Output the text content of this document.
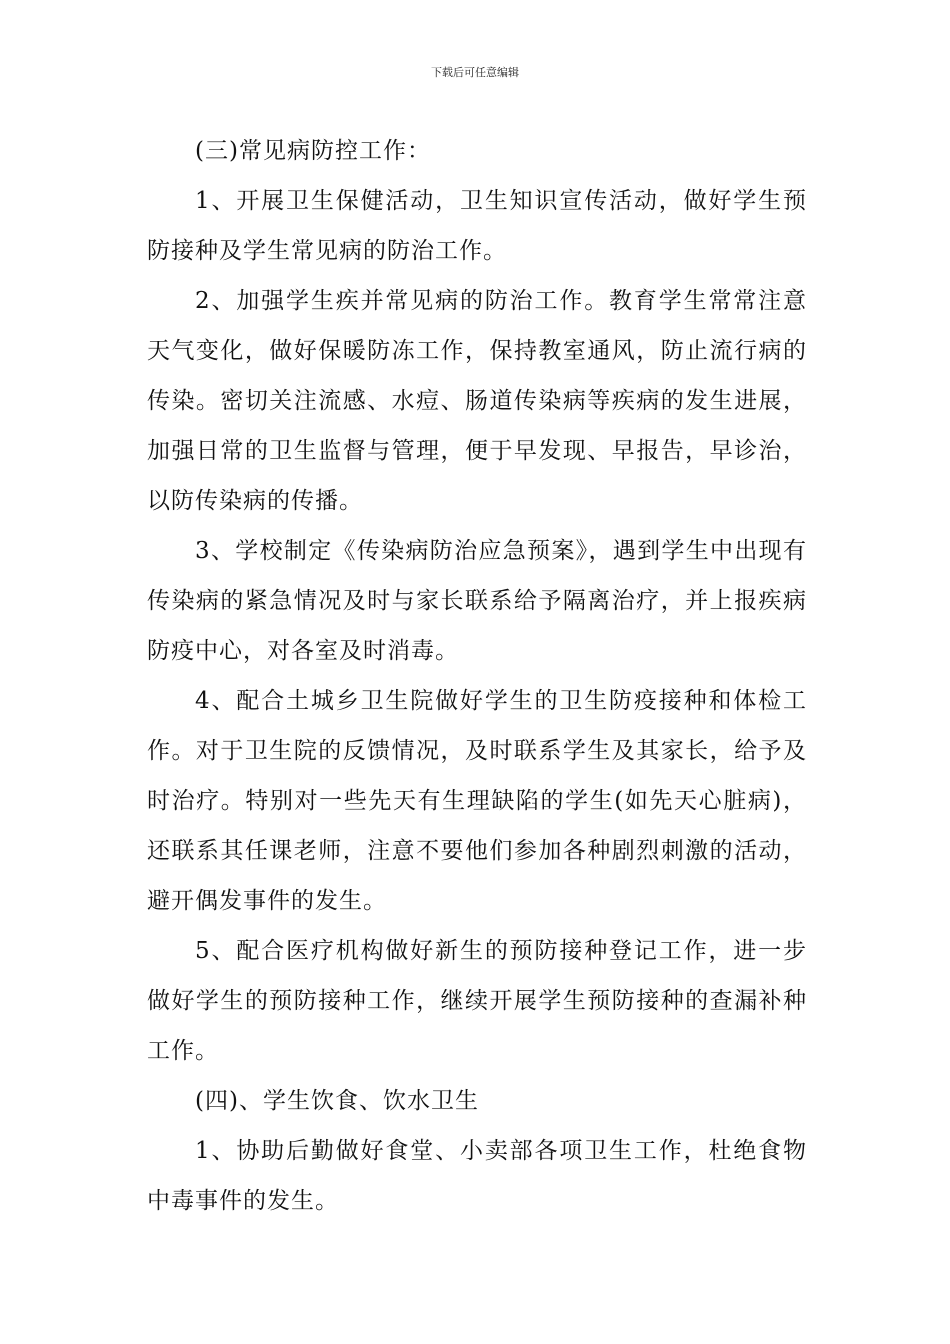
下载后可任意编辑

(三)常见病防控工作：

1、开展卫生保健活动，卫生知识宣传活动，做好学生预防接种及学生常见病的防治工作。

2、加强学生疾并常见病的防治工作。教育学生常常注意天气变化，做好保暖防冻工作，保持教室通风，防止流行病的传染。密切关注流感、水痘、肠道传染病等疾病的发生进展，加强日常的卫生监督与管理，便于早发现、早报告，早诊治，以防传染病的传播。

3、学校制定《传染病防治应急预案》，遇到学生中出现有传染病的紧急情况及时与家长联系给予隔离治疗，并上报疾病防疫中心，对各室及时消毒。

4、配合土城乡卫生院做好学生的卫生防疫接种和体检工作。对于卫生院的反馈情况，及时联系学生及其家长，给予及时治疗。特别对一些先天有生理缺陷的学生(如先天心脏病)，还联系其任课老师，注意不要他们参加各种剧烈刺激的活动，避开偶发事件的发生。

5、配合医疗机构做好新生的预防接种登记工作，进一步做好学生的预防接种工作，继续开展学生预防接种的查漏补种工作。

(四)、学生饮食、饮水卫生

1、协助后勤做好食堂、小卖部各项卫生工作，杜绝食物中毒事件的发生。
